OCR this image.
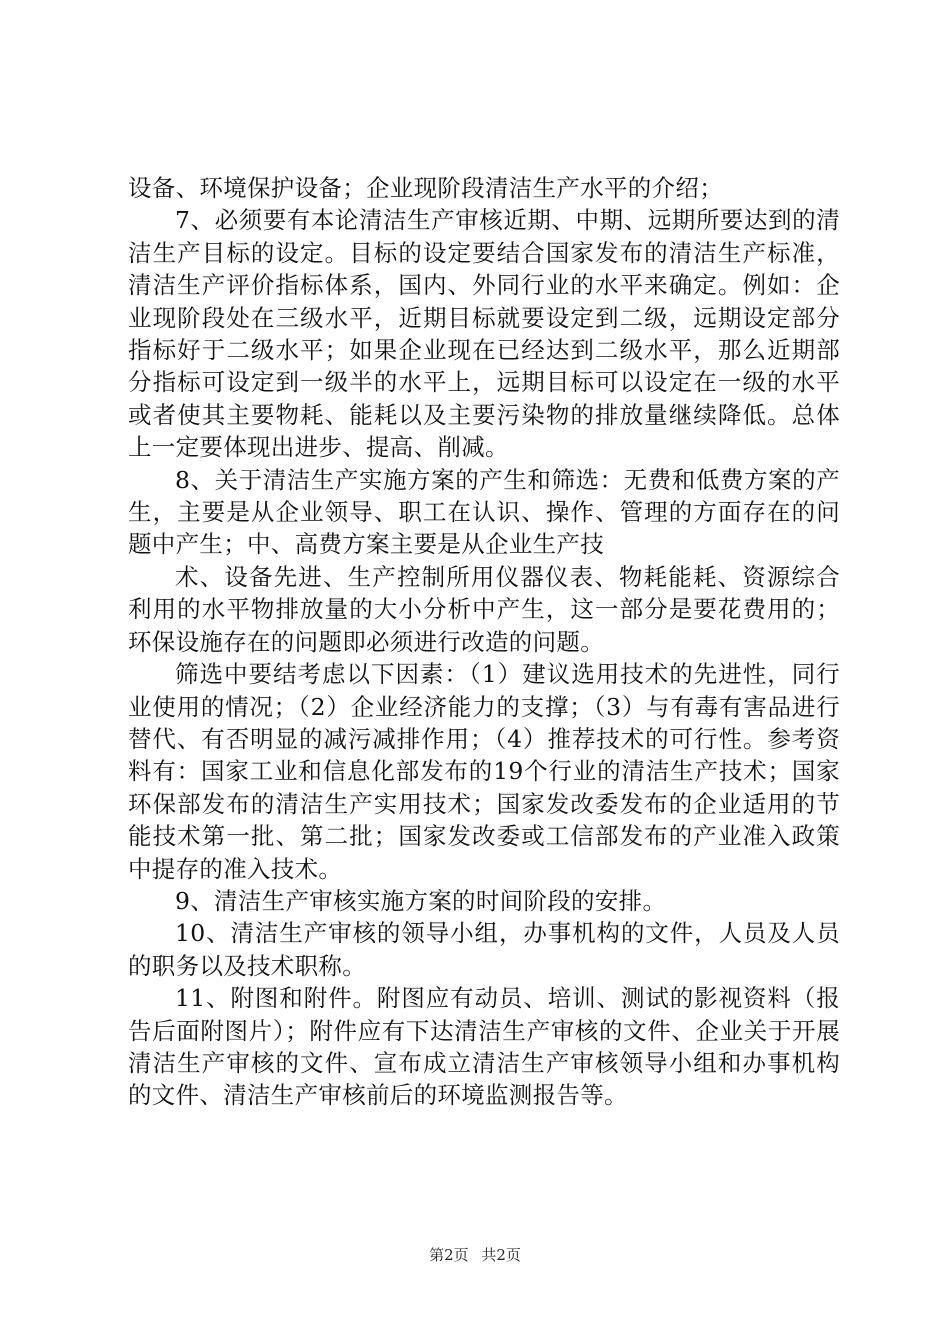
设备、环境保护设备；企业现阶段清洁生产水平的介绍；

7、必须要有本论清洁生产审核近期、中期、远期所要达到的清洁生产目标的设定。目标的设定要结合国家发布的清洁生产标准，清洁生产评价指标体系，国内、外同行业的水平来确定。例如：企业现阶段处在三级水平，近期目标就要设定到二级，远期设定部分指标好于二级水平；如果企业现在已经达到二级水平，那么近期部分指标可设定到一级半的水平上，远期目标可以设定在一级的水平或者使其主要物耗、能耗以及主要污染物的排放量继续降低。总体上一定要体现出进步、提高、削减。

8、关于清洁生产实施方案的产生和筛选：无费和低费方案的产生，主要是从企业领导、职工在认识、操作、管理的方面存在的问题中产生；中、高费方案主要是从企业生产技

术、设备先进、生产控制所用仪器仪表、物耗能耗、资源综合利用的水平物排放量的大小分析中产生，这一部分是要花费用的；环保设施存在的问题即必须进行改造的问题。

筛选中要结考虑以下因素：（1）建议选用技术的先进性，同行业使用的情况；（2）企业经济能力的支撑；（3）与有毒有害品进行替代、有否明显的减污减排作用；（4）推荐技术的可行性。参考资料有：国家工业和信息化部发布的19个行业的清洁生产技术；国家环保部发布的清洁生产实用技术；国家发改委发布的企业适用的节能技术第一批、第二批；国家发改委或工信部发布的产业准入政策中提存的准入技术。

9、清洁生产审核实施方案的时间阶段的安排。

10、清洁生产审核的领导小组，办事机构的文件，人员及人员的职务以及技术职称。

11、附图和附件。附图应有动员、培训、测试的影视资料（报告后面附图片）；附件应有下达清洁生产审核的文件、企业关于开展清洁生产审核的文件、宣布成立清洁生产审核领导小组和办事机构的文件、清洁生产审核前后的环境监测报告等。

第2页 共2页
